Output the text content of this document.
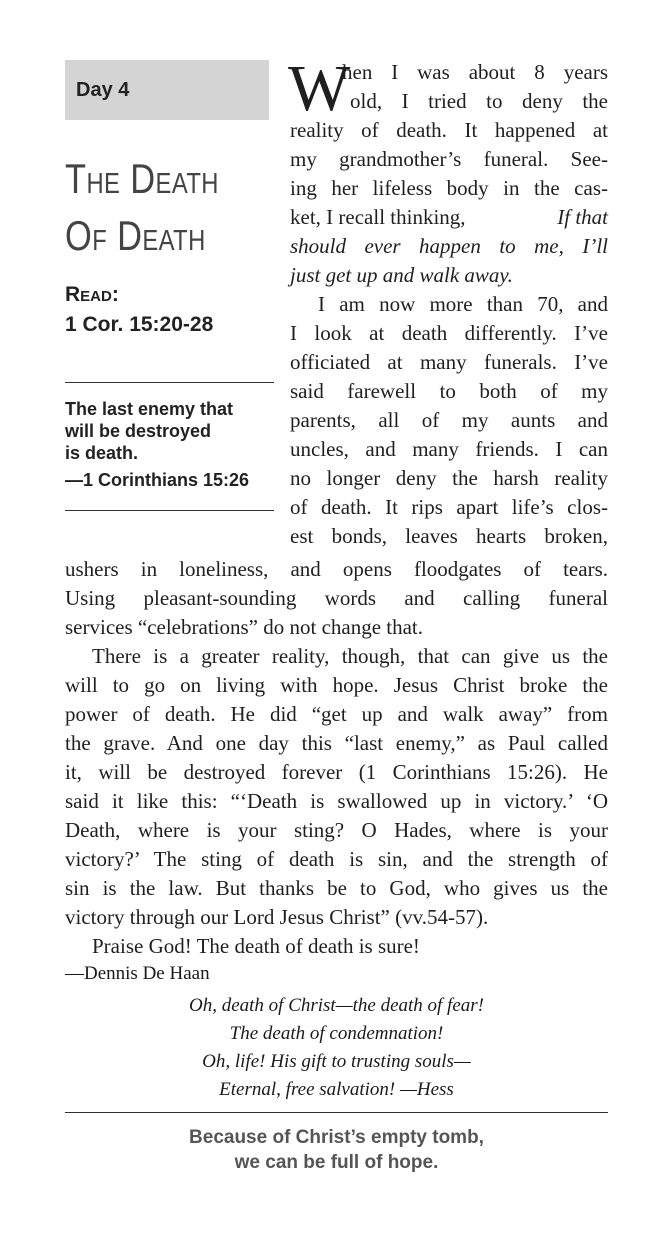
Day 4
The Death
Of Death
Read:
1 Cor. 15:20-28
The last enemy that
will be destroyed
is death.
—1 Corinthians 15:26
W
hen I was about 8 years
old, I tried to deny the
reality of death. It happened at
my grandmother’s funeral. See-
ing her lifeless body in the cas-
ket, I recall thinking,	If that
should ever happen to me, I’ll
just get up and walk away.
I am now more than 70, and
I look at death differently. I’ve
officiated at many funerals. I’ve
said farewell to both of my
parents, all of my aunts and
uncles, and many friends. I can
no longer deny the harsh reality
of death. It rips apart life’s clos-
est bonds, leaves hearts broken,
ushers in loneliness, and opens floodgates of tears.
Using pleasant-sounding words and calling funeral
services “celebrations” do not change that.
There is a greater reality, though, that can give us the
will to go on living with hope. Jesus Christ broke the
power of death. He did “get up and walk away” from
the grave. And one day this “last enemy,” as Paul called
it, will be destroyed forever (1 Corinthians 15:26). He
said it like this: “‘Death is swallowed up in victory.’ ‘O
Death, where is your sting? O Hades, where is your
victory?’ The sting of death is sin, and the strength of
sin is the law. But thanks be to God, who gives us the
victory through our Lord Jesus Christ” (vv.54-57).
Praise God! The death of death is sure!
—Dennis De Haan
Oh, death of Christ—the death of fear!
The death of condemnation!
Oh, life! His gift to trusting souls—
Eternal, free salvation! —Hess
Because of Christ’s empty tomb,
we can be full of hope.
